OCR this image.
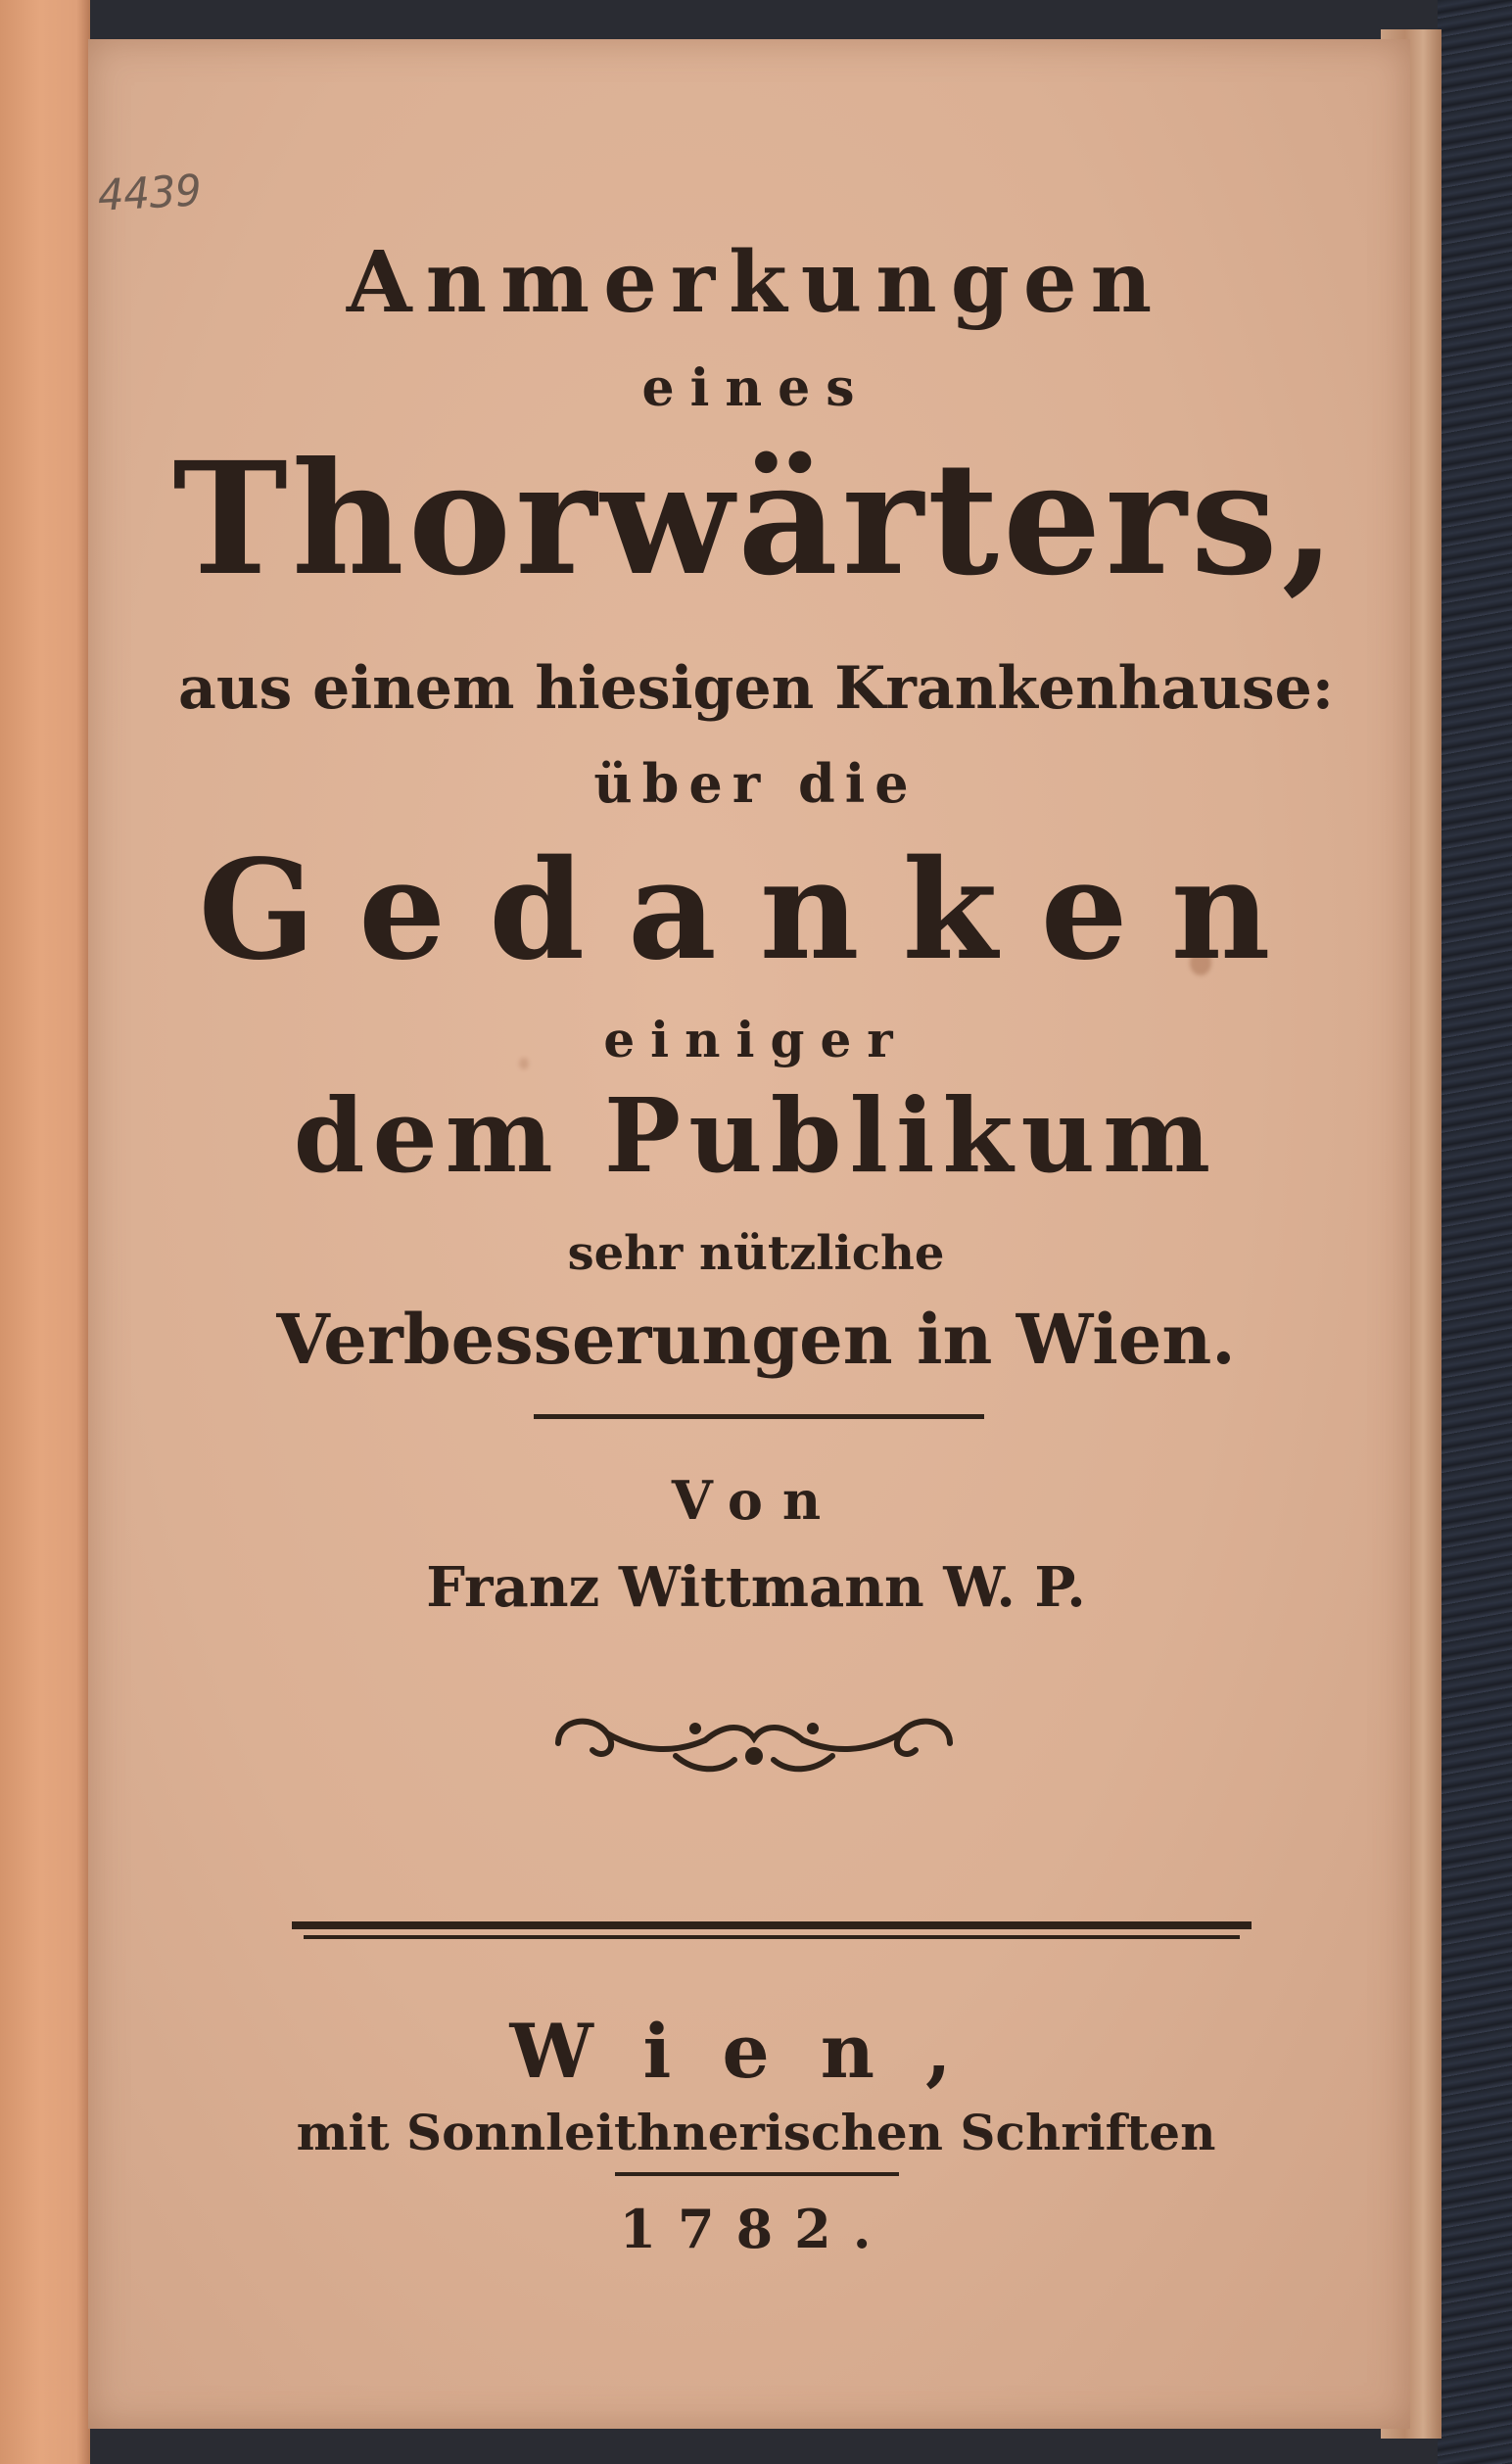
4439
Anmerkungen
eines
Thorwärters,
aus einem hiesigen Krankenhause:
über die
Gedanken
einiger
dem Publikum
sehr nützliche
Verbesserungen in Wien.
Von
Franz Wittmann W. P.
Wien,
mit Sonnleithnerischen Schriften
1782.
